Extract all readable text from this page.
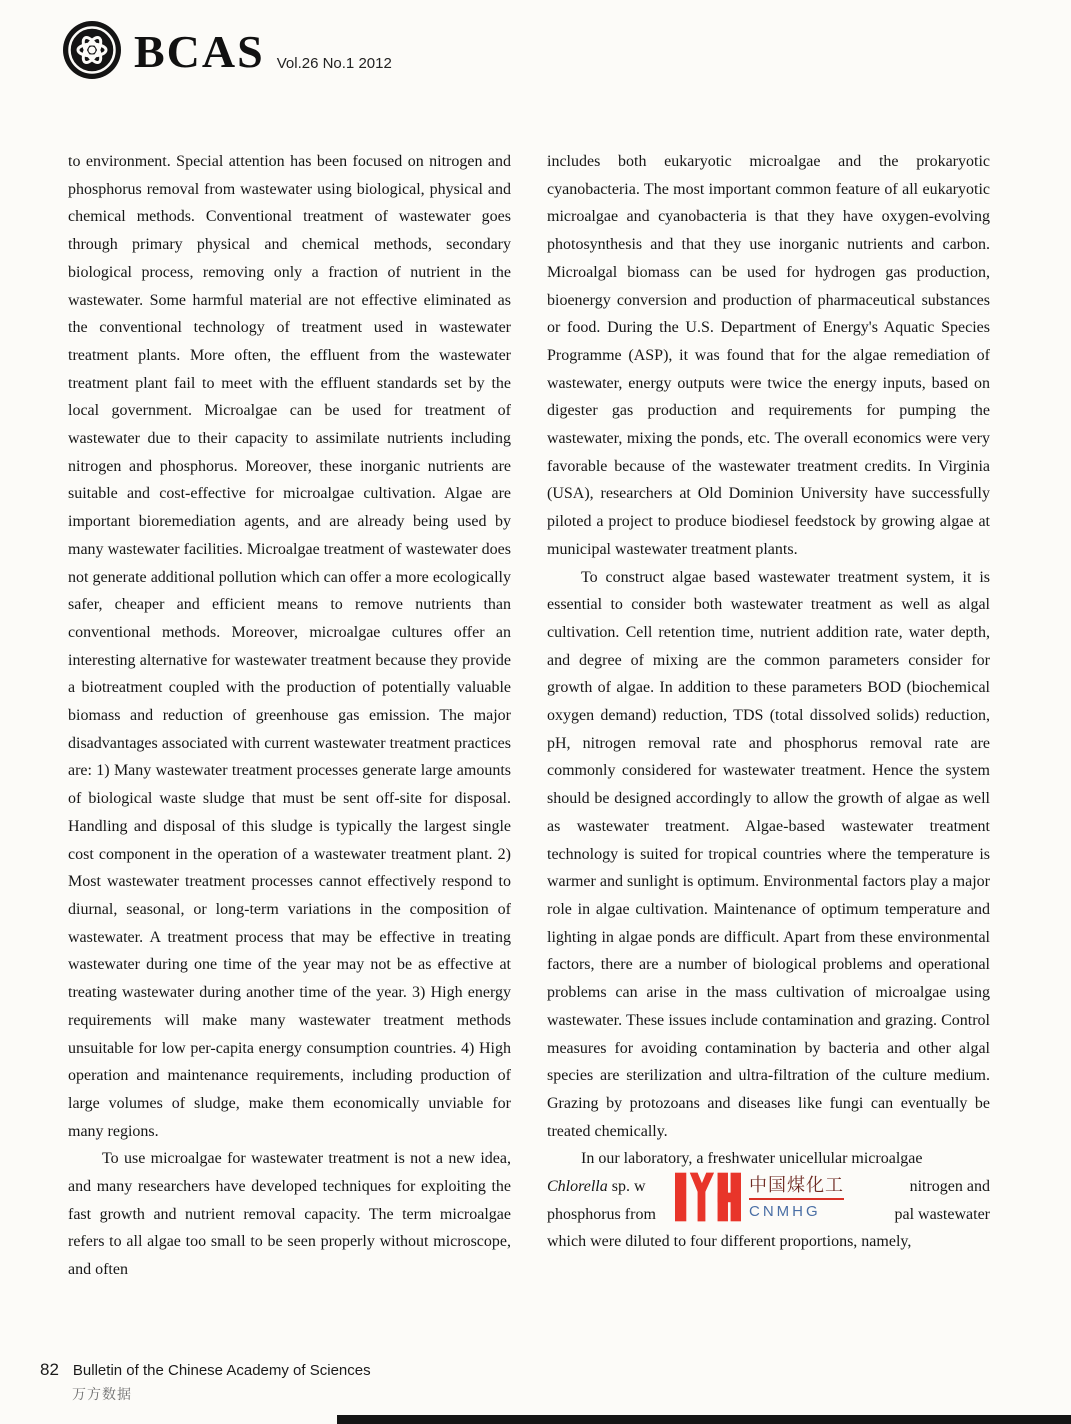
BCAS Vol.26 No.1 2012

to environment. Special attention has been focused on nitrogen and phosphorus removal from wastewater using biological, physical and chemical methods. Conventional treatment of wastewater goes through primary physical and chemical methods, secondary biological process, removing only a fraction of nutrient in the wastewater. Some harmful material are not effective eliminated as the conventional technology of treatment used in wastewater treatment plants. More often, the effluent from the wastewater treatment plant fail to meet with the effluent standards set by the local government. Microalgae can be used for treatment of wastewater due to their capacity to assimilate nutrients including nitrogen and phosphorus. Moreover, these inorganic nutrients are suitable and cost-effective for microalgae cultivation. Algae are important bioremediation agents, and are already being used by many wastewater facilities. Microalgae treatment of wastewater does not generate additional pollution which can offer a more ecologically safer, cheaper and efficient means to remove nutrients than conventional methods. Moreover, microalgae cultures offer an interesting alternative for wastewater treatment because they provide a biotreatment coupled with the production of potentially valuable biomass and reduction of greenhouse gas emission. The major disadvantages associated with current wastewater treatment practices are: 1) Many wastewater treatment processes generate large amounts of biological waste sludge that must be sent off-site for disposal. Handling and disposal of this sludge is typically the largest single cost component in the operation of a wastewater treatment plant. 2) Most wastewater treatment processes cannot effectively respond to diurnal, seasonal, or long-term variations in the composition of wastewater. A treatment process that may be effective in treating wastewater during one time of the year may not be as effective at treating wastewater during another time of the year. 3) High energy requirements will make many wastewater treatment methods unsuitable for low per-capita energy consumption countries. 4) High operation and maintenance requirements, including production of large volumes of sludge, make them economically unviable for many regions.

To use microalgae for wastewater treatment is not a new idea, and many researchers have developed techniques for exploiting the fast growth and nutrient removal capacity. The term microalgae refers to all algae too small to be seen properly without microscope, and often

includes both eukaryotic microalgae and the prokaryotic cyanobacteria. The most important common feature of all eukaryotic microalgae and cyanobacteria is that they have oxygen-evolving photosynthesis and that they use inorganic nutrients and carbon. Microalgal biomass can be used for hydrogen gas production, bioenergy conversion and production of pharmaceutical substances or food. During the U.S. Department of Energy's Aquatic Species Programme (ASP), it was found that for the algae remediation of wastewater, energy outputs were twice the energy inputs, based on digester gas production and requirements for pumping the wastewater, mixing the ponds, etc. The overall economics were very favorable because of the wastewater treatment credits. In Virginia (USA), researchers at Old Dominion University have successfully piloted a project to produce biodiesel feedstock by growing algae at municipal wastewater treatment plants.

To construct algae based wastewater treatment system, it is essential to consider both wastewater treatment as well as algal cultivation. Cell retention time, nutrient addition rate, water depth, and degree of mixing are the common parameters consider for growth of algae. In addition to these parameters BOD (biochemical oxygen demand) reduction, TDS (total dissolved solids) reduction, pH, nitrogen removal rate and phosphorus removal rate are commonly considered for wastewater treatment. Hence the system should be designed accordingly to allow the growth of algae as well as wastewater treatment. Algae-based wastewater treatment technology is suited for tropical countries where the temperature is warmer and sunlight is optimum. Environmental factors play a major role in algae cultivation. Maintenance of optimum temperature and lighting in algae ponds are difficult. Apart from these environmental factors, there are a number of biological problems and operational problems can arise in the mass cultivation of microalgae using wastewater. These issues include contamination and grazing. Control measures for avoiding contamination by bacteria and other algal species are sterilization and ultra-filtration of the culture medium. Grazing by protozoans and diseases like fungi can eventually be treated chemically.

In our laboratory, a freshwater unicellular microalgae
Chlorella sp. w	nitrogen and
phosphorus from	pal wastewater
which were diluted to four different proportions, namely,
中国煤化工
CNMHG
82 Bulletin of the Chinese Academy of Sciences
万方数据
